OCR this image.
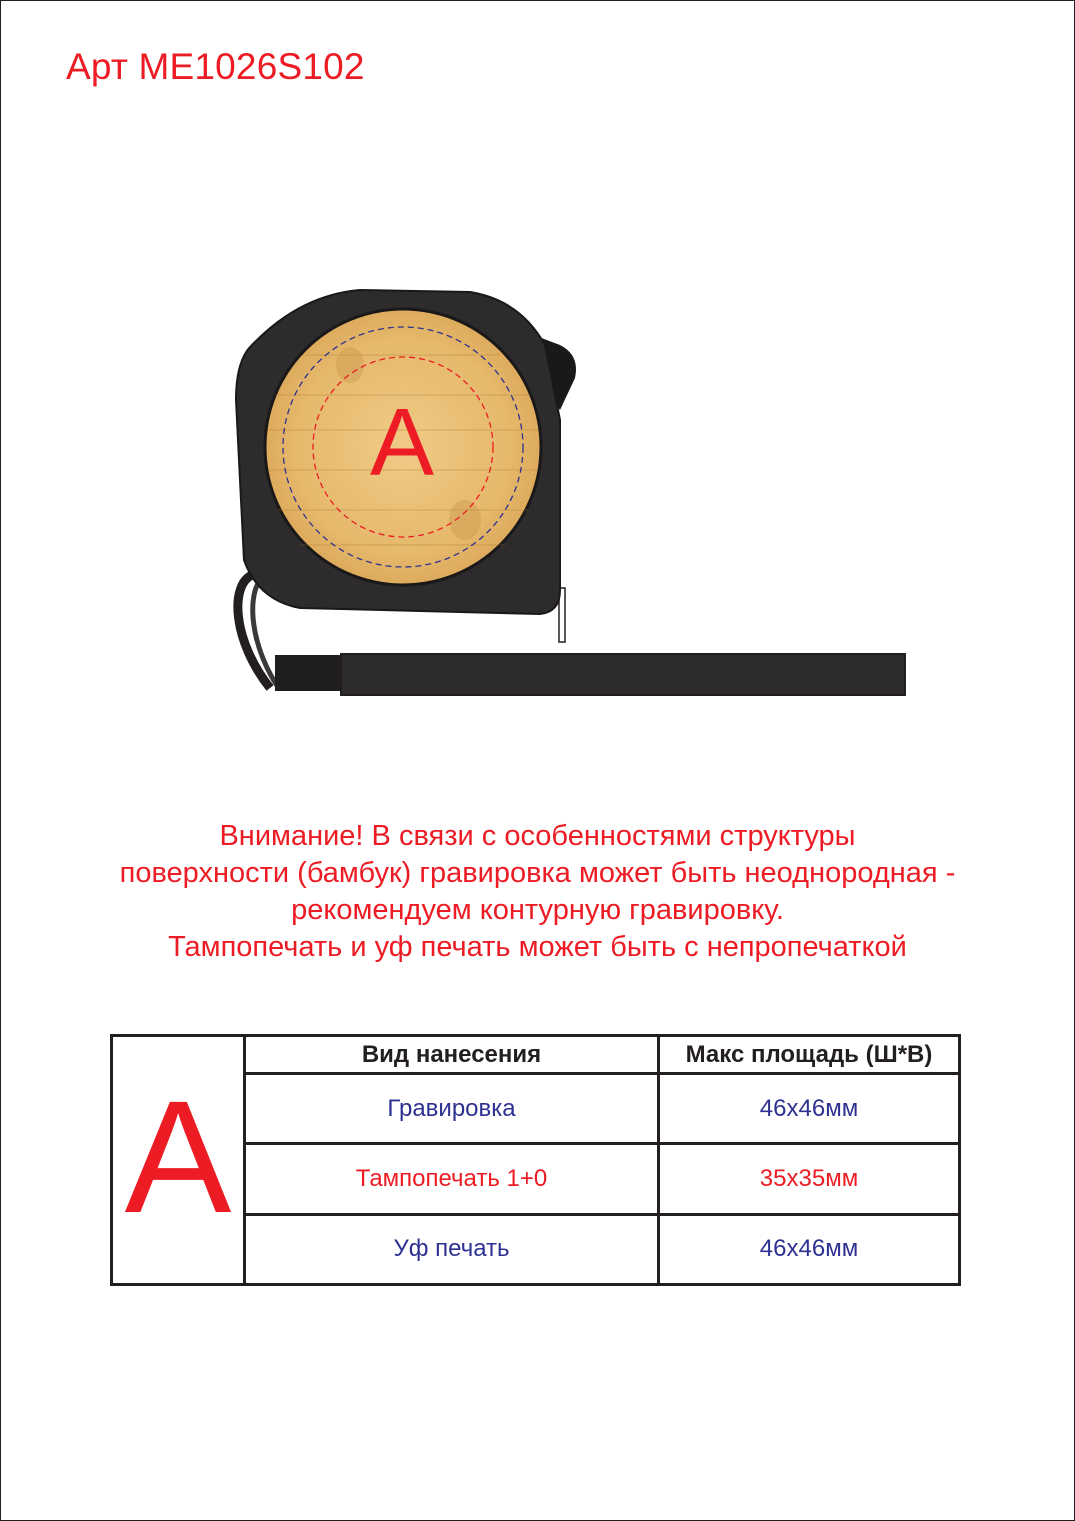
Арт ME1026S102
A
Внимание! В связи с особенностями структуры
поверхности (бамбук) гравировка может быть неоднородная -
рекомендуем контурную гравировку.
Тампопечать и уф печать может быть с непропечаткой
A	Вид нанесения	Макс площадь (Ш*В)
	Гравировка	46х46мм
	Тампопечать 1+0	35х35мм
	Уф печать	46х46мм
